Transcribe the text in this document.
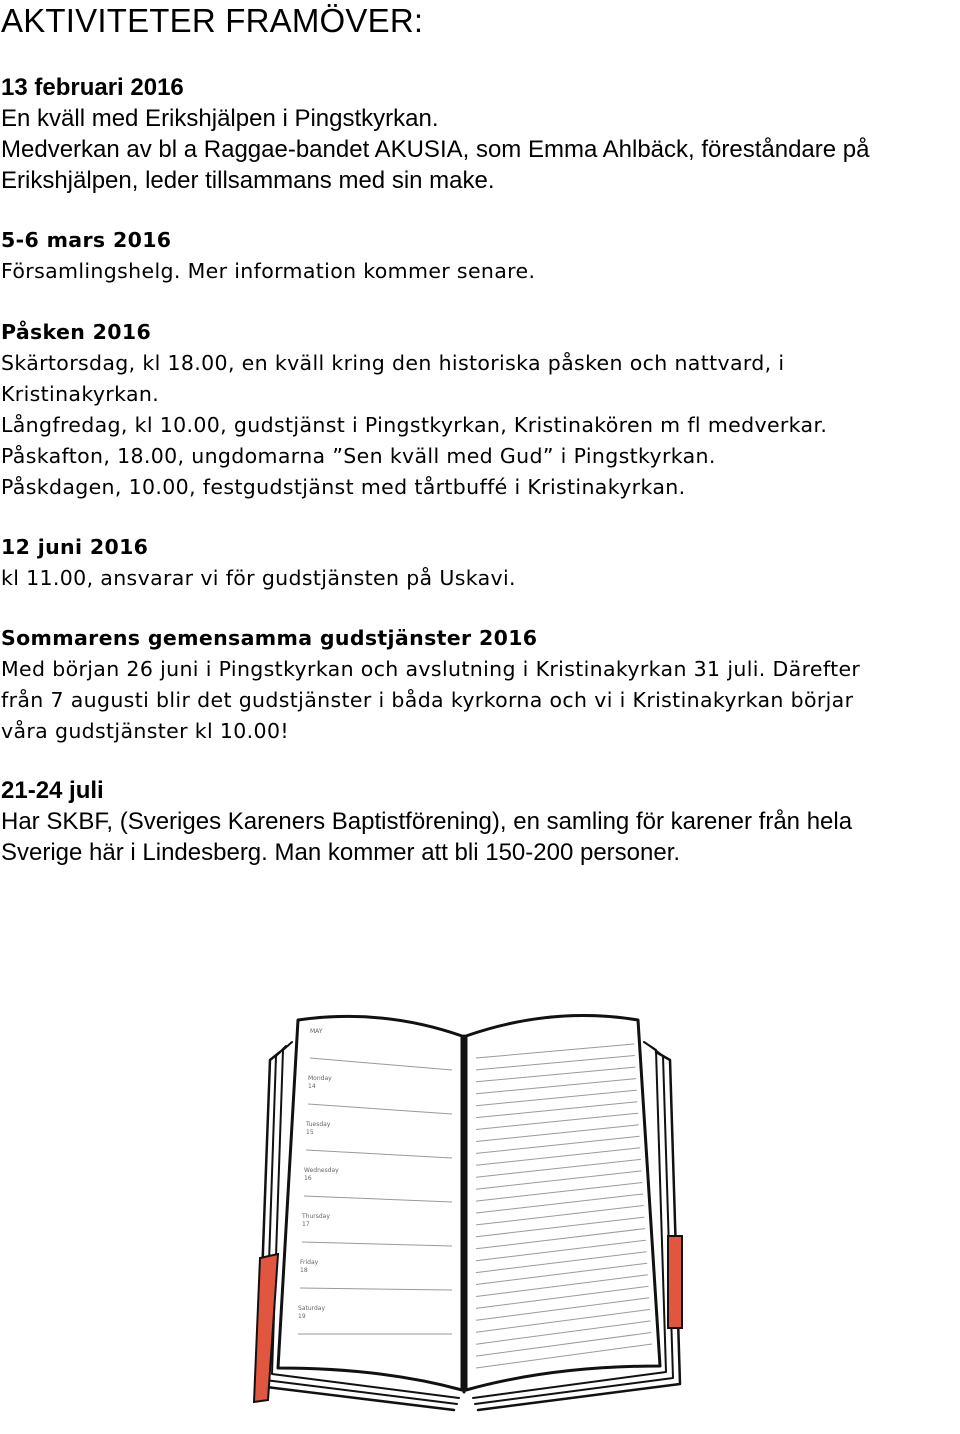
AKTIVITETER FRAMÖVER:
13 februari 2016
En kväll med Erikshjälpen i Pingstkyrkan.
Medverkan av bl a Raggae-bandet AKUSIA, som Emma Ahlbäck, föreståndare på
Erikshjälpen, leder tillsammans med sin make.
5-6 mars 2016
Församlingshelg. Mer information kommer senare.
Påsken 2016
Skärtorsdag, kl 18.00, en kväll kring den historiska påsken och nattvard, i
Kristinakyrkan.
Långfredag, kl 10.00, gudstjänst i Pingstkyrkan, Kristinakören m fl medverkar.
Påskafton, 18.00, ungdomarna ”Sen kväll med Gud” i Pingstkyrkan.
Påskdagen, 10.00, festgudstjänst med tårtbuffé i Kristinakyrkan.
12 juni 2016
kl 11.00, ansvarar vi för gudstjänsten på Uskavi.
Sommarens gemensamma gudstjänster 2016
Med början 26 juni i Pingstkyrkan och avslutning i Kristinakyrkan 31 juli. Därefter
från 7 augusti blir det gudstjänster i båda kyrkorna och vi i Kristinakyrkan börjar
våra gudstjänster kl 10.00!
21-24 juli
Har SKBF, (Sveriges Kareners Baptistförening), en samling för karener från hela
Sverige här i Lindesberg. Man kommer att bli 150-200 personer.
MAY
Monday
14
Tuesday
15
Wednesday
16
Thursday
17
Friday
18
Saturday
19
